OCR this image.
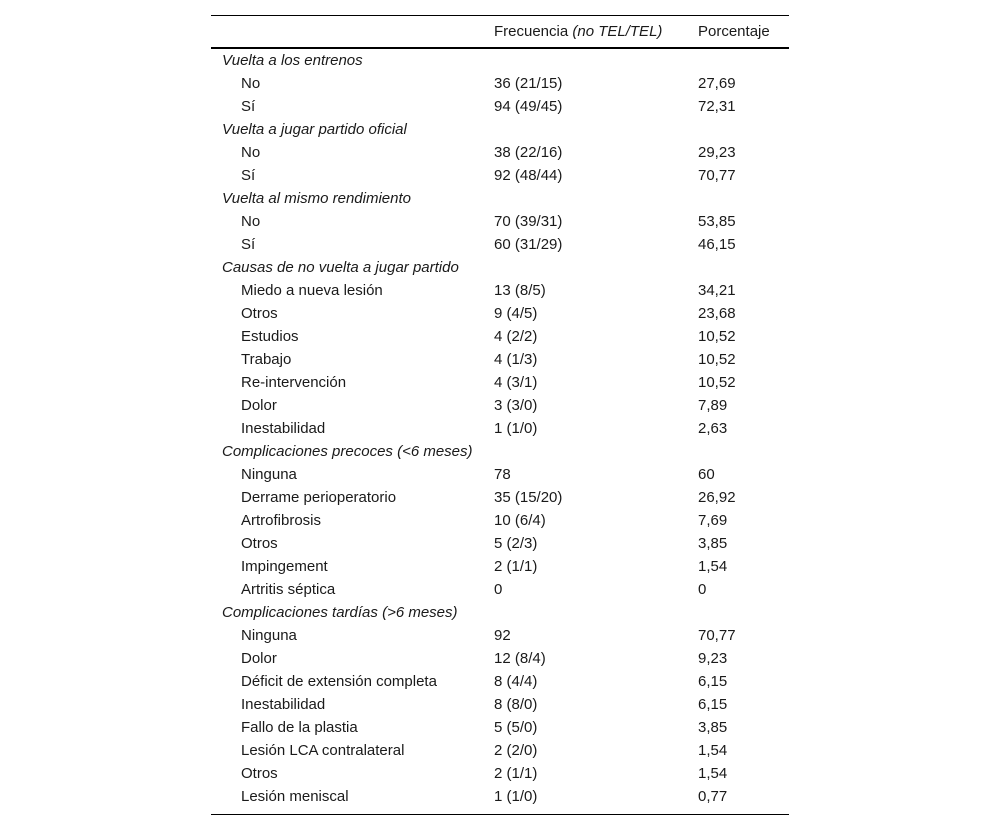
Frecuencia (no TEL/TEL) Porcentaje
Vuelta a los entrenos
No	36 (21/15)	27,69
Sí	94 (49/45)	72,31
Vuelta a jugar partido oficial
No	38 (22/16)	29,23
Sí	92 (48/44)	70,77
Vuelta al mismo rendimiento
No	70 (39/31)	53,85
Sí	60 (31/29)	46,15
Causas de no vuelta a jugar partido
Miedo a nueva lesión	13 (8/5)	34,21
Otros	9 (4/5)	23,68
Estudios	4 (2/2)	10,52
Trabajo	4 (1/3)	10,52
Re-intervención	4 (3/1)	10,52
Dolor	3 (3/0)	7,89
Inestabilidad	1 (1/0)	2,63
Complicaciones precoces (<6 meses)
Ninguna	78	60
Derrame perioperatorio	35 (15/20)	26,92
Artrofibrosis	10 (6/4)	7,69
Otros	5 (2/3)	3,85
Impingement	2 (1/1)	1,54
Artritis séptica	0	0
Complicaciones tardías (>6 meses)
Ninguna	92	70,77
Dolor	12 (8/4)	9,23
Déficit de extensión completa	8 (4/4)	6,15
Inestabilidad	8 (8/0)	6,15
Fallo de la plastia	5 (5/0)	3,85
Lesión LCA contralateral	2 (2/0)	1,54
Otros	2 (1/1)	1,54
Lesión meniscal	1 (1/0)	0,77
